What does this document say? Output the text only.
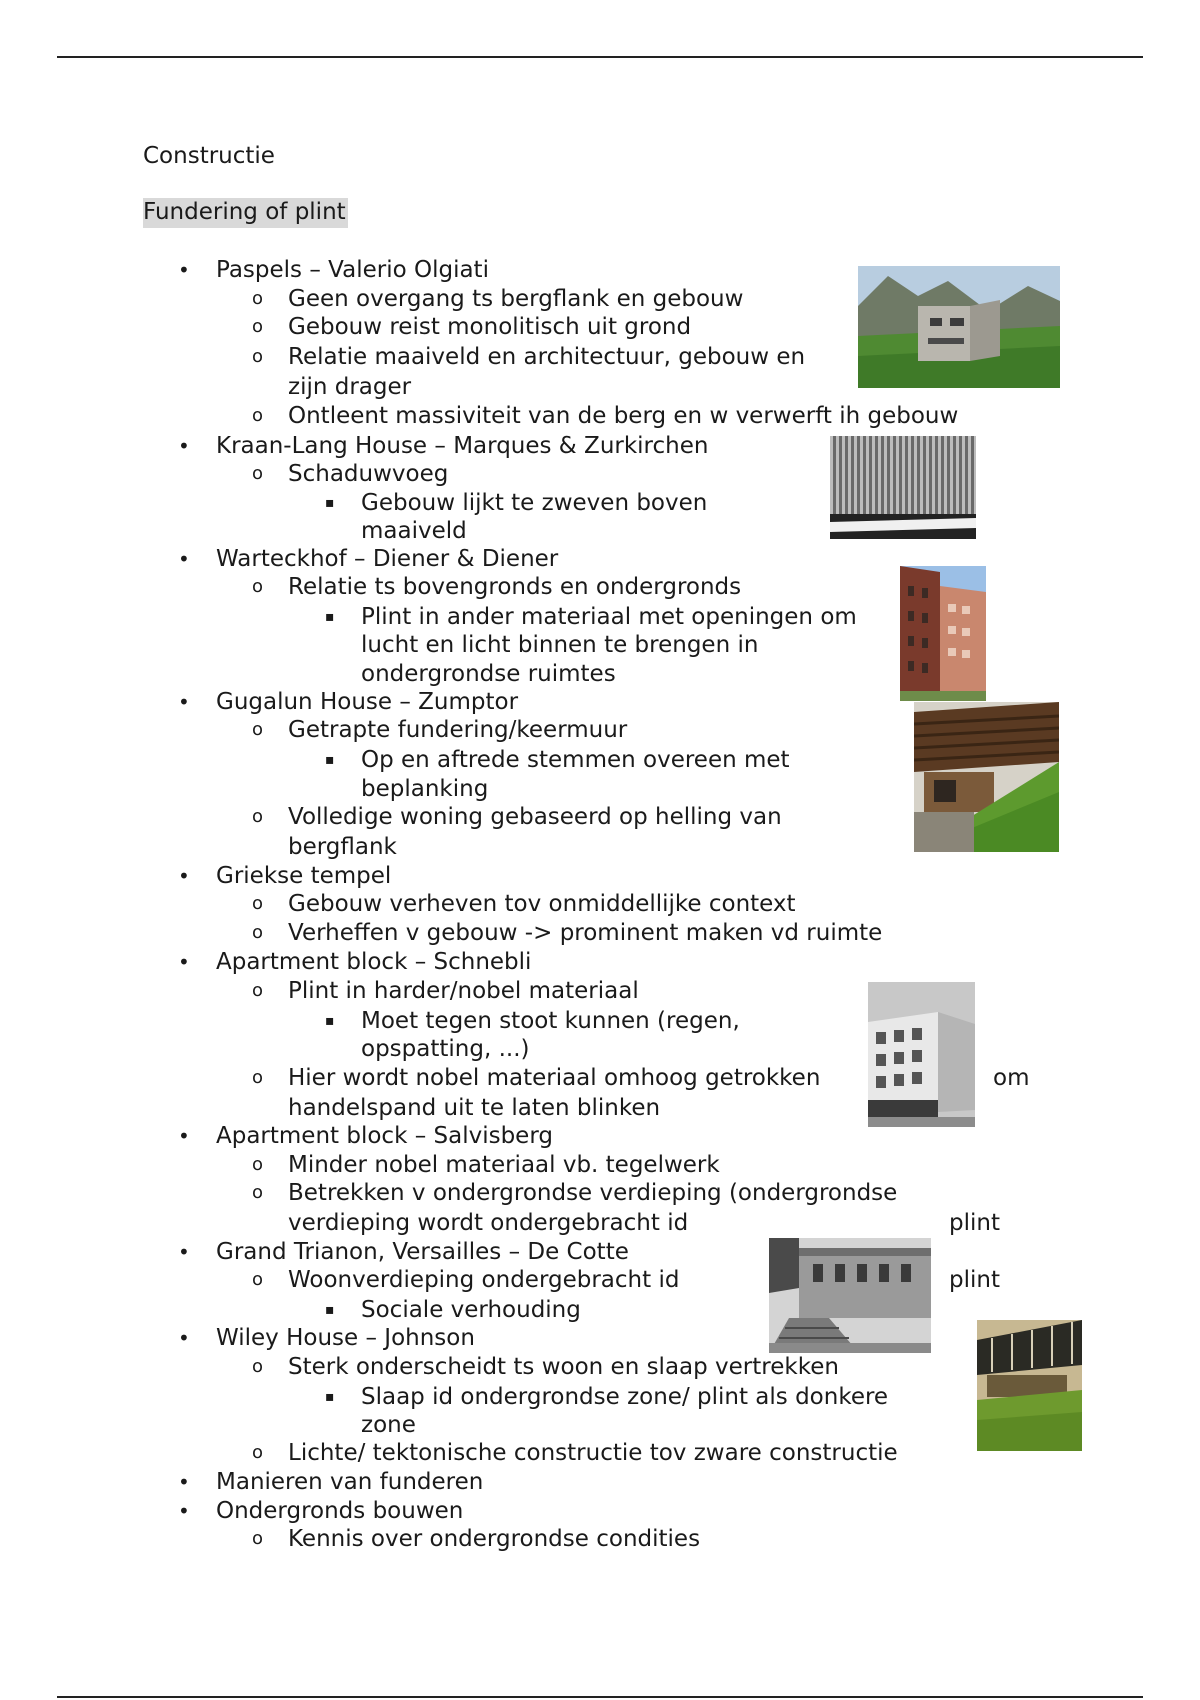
Constructie
Fundering of plint
• Paspels – Valerio Olgiati
o Geen overgang ts bergflank en gebouw
o Gebouw reist monolitisch uit grond
o Relatie maaiveld en architectuur, gebouw en
zijn drager
o Ontleent massiviteit van de berg en w verwerft ih gebouw
• Kraan-Lang House – Marques & Zurkirchen
o Schaduwvoeg
▪ Gebouw lijkt te zweven boven
maaiveld
• Warteckhof – Diener & Diener
o Relatie ts bovengronds en ondergronds
▪ Plint in ander materiaal met openingen om
lucht en licht binnen te brengen in
ondergrondse ruimtes
• Gugalun House – Zumptor
o Getrapte fundering/keermuur
▪ Op en aftrede stemmen overeen met
beplanking
o Volledige woning gebaseerd op helling van
bergflank
• Griekse tempel
o Gebouw verheven tov onmiddellijke context
o Verheffen v gebouw -> prominent maken vd ruimte
• Apartment block – Schnebli
o Plint in harder/nobel materiaal
▪ Moet tegen stoot kunnen (regen,
opspatting, ...)
o Hier wordt nobel materiaal omhoog getrokken
handelspand uit te laten blinken
• Apartment block – Salvisberg
o Minder nobel materiaal vb. tegelwerk
o Betrekken v ondergrondse verdieping (ondergrondse
verdieping wordt ondergebracht id
• Grand Trianon, Versailles – De Cotte
o Woonverdieping ondergebracht id
▪ Sociale verhouding
• Wiley House – Johnson
o Sterk onderscheidt ts woon en slaap vertrekken
▪ Slaap id ondergrondse zone/ plint als donkere
zone
o Lichte/ tektonische constructie tov zware constructie
• Manieren van funderen
• Ondergronds bouwen
o Kennis over ondergrondse condities
om
plint
plint
